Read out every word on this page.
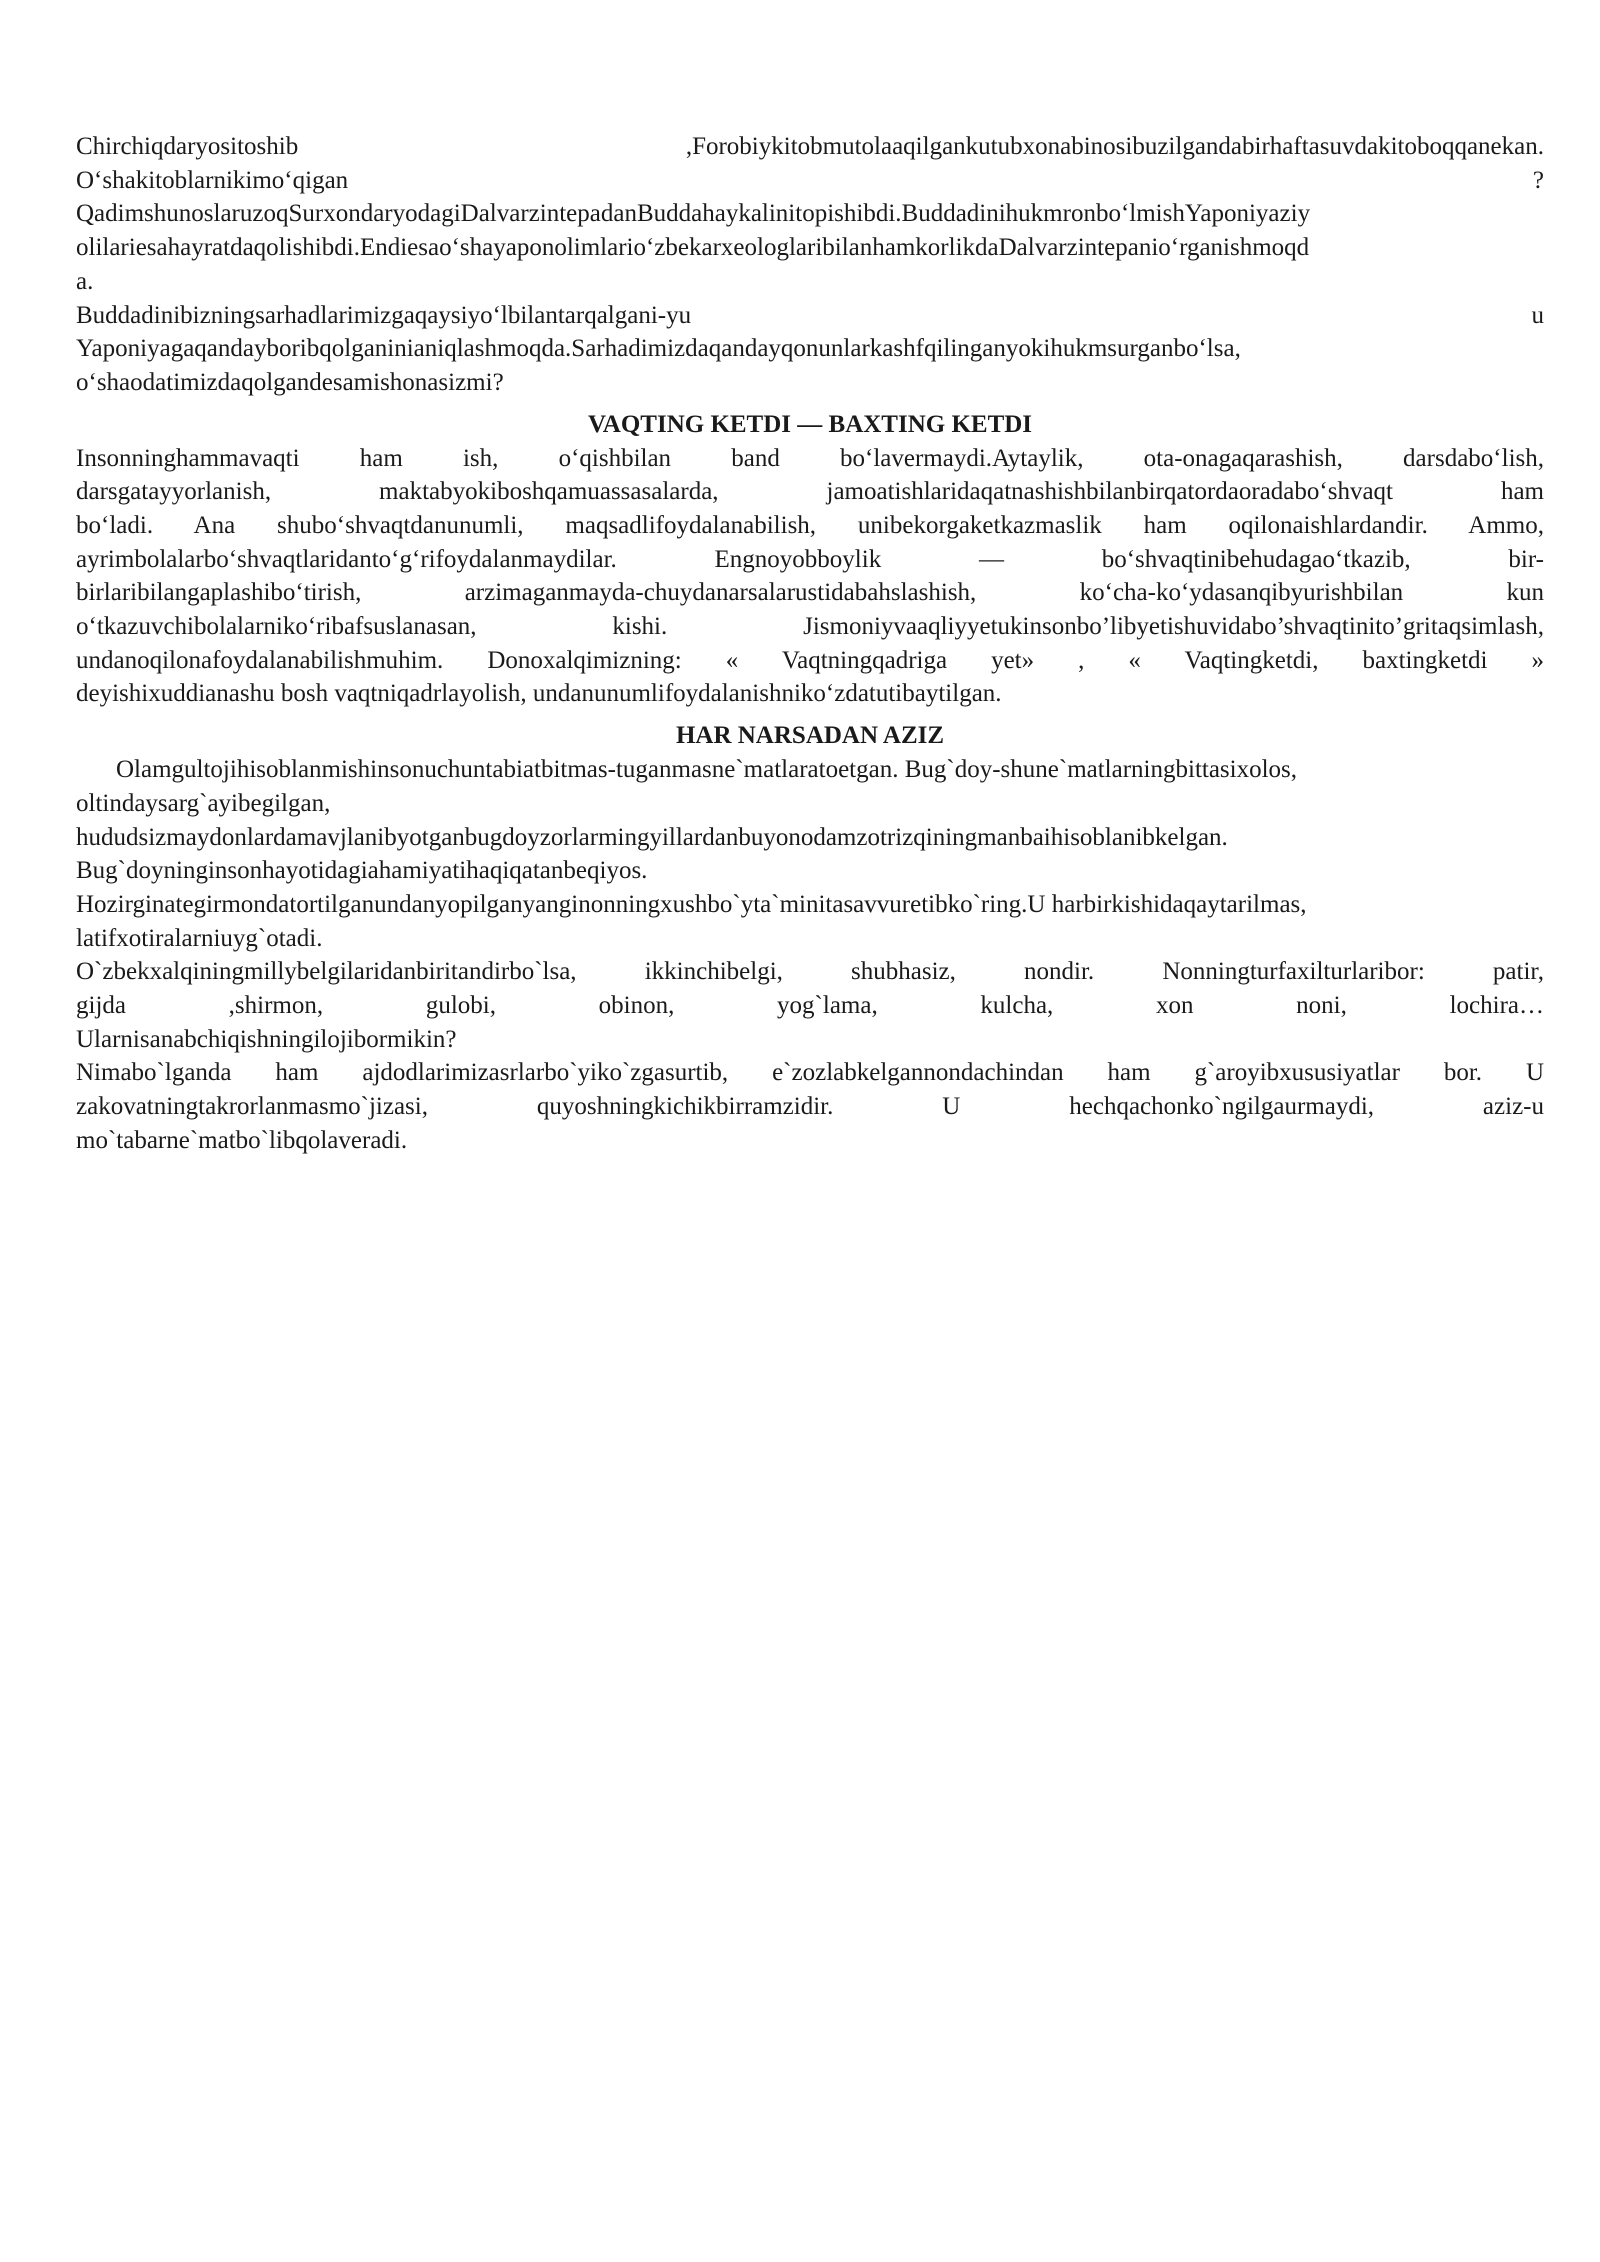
Chirchiqdaryositoshib	,Forobiykitobmutolaaqilgankutubxonabinosibuzilgandabirhaftasuvdakitoboqqanekan.
O‘shakitoblarnikimo‘qigan	?
QadimshunoslaruzoqSurxondaryodagiDalvarzintepadanBuddahaykalinitopishibdi.Buddadinihukmronbo‘lmishYaponiyaziy
olilariesahayratdaqolishibdi.Endiesao‘shayaponolimlario‘zbekarxeologlaribilanhamkorlikdaDalvarzintepanio‘rganishmoqd
a.
Buddadinibizningsarhadlarimizgaqaysiyo‘lbilantarqalgani-yu	u
Yaponiyagaqandayboribqolganinianiqlashmoqda.Sarhadimizdaqandayqonunlarkashfqilinganyokihukmsurganbo‘lsa,
o‘shaodatimizdaqolgandesamishonasizmi?
VAQTING KETDI — BAXTING KETDI
Insonninghammavaqti ham ish, o‘qishbilan band bo‘lavermaydi.Aytaylik, ota-onagaqarashish, darsdabo‘lish,
darsgatayyorlanish, maktabyokiboshqamuassasalarda, jamoatishlaridaqatnashishbilanbirqatordaoradabo‘shvaqt ham
bo‘ladi. Ana shubo‘shvaqtdanunumli, maqsadlifoydalanabilish, unibekorgaketkazmaslik ham oqilonaishlardandir. Ammo,
ayrimbolalarbo‘shvaqtlaridanto‘g‘rifoydalanmaydilar. Engnoyobboylik — bo‘shvaqtinibehudagao‘tkazib, bir-
birlaribilangaplashibo‘tirish, arzimaganmayda-chuydanarsalarustidabahslashish, ko‘cha-ko‘ydasanqibyurishbilan kun
o‘tkazuvchibolalarniko‘ribafsuslanasan, kishi. Jismoniyvaaqliyyetukinsonbo’libyetishuvidabo’shvaqtinito’gritaqsimlash,
undanoqilonafoydalanabilishmuhim. Donoxalqimizning: « Vaqtningqadriga yet» , « Vaqtingketdi, baxtingketdi »
deyishixuddianashu bosh vaqtniqadrlayolish, undanunumlifoydalanishniko‘zdatutibaytilgan.
HAR NARSADAN AZIZ
Olamgultojihisoblanmishinsonuchuntabiatbitmas-tuganmasne`matlaratoetgan. Bug`doy-shune`matlarningbittasixolos,
oltindaysarg`ayibegilgan,
hududsizmaydonlardamavjlanibyotganbugdoyzorlarmingyillardanbuyonodamzotrizqiningmanbaihisoblanibkelgan.
Bug`doyninginsonhayotidagiahamiyatihaqiqatanbeqiyos.
Hozirginategirmondatortilganundanyopilganyanginonningxushbo`yta`minitasavvuretibko`ring.U harbirkishidaqaytarilmas,
latifxotiralarniuyg`otadi.
O`zbekxalqiningmillybelgilaridanbiritandirbo`lsa, ikkinchibelgi, shubhasiz, nondir. Nonningturfaxilturlaribor: patir,
gijda ,shirmon, gulobi, obinon, yog`lama, kulcha, xon noni, lochira…
Ularnisanabchiqishningilojibormikin?
Nimabo`lganda ham ajdodlarimizasrlarbo`yiko`zgasurtib, e`zozlabkelgannondachindan ham g`aroyibxususiyatlar bor. U
zakovatningtakrorlanmasmo`jizasi, quyoshningkichikbirramzidir. U hechqachonko`ngilgaurmaydi, aziz-u
mo`tabarne`matbo`libqolaveradi.
